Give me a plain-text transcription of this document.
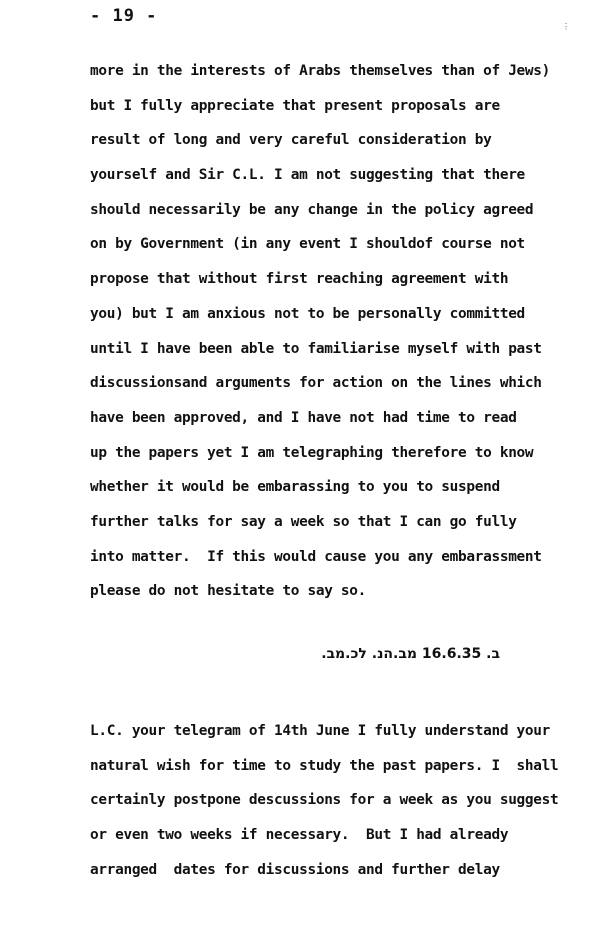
- 19 -
⋮
more in the interests of Arabs themselves than of Jews)
but I fully appreciate that present proposals are
result of long and very careful consideration by
yourself and Sir C.L. I am not suggesting that there
should necessarily be any change in the policy agreed
on by Government (in any event I shouldof course not
propose that without first reaching agreement with
you) but I am anxious not to be personally committed
until I have been able to familiarise myself with past
discussionsand arguments for action on the lines which
have been approved, and I have not had time to read
up the papers yet I am telegraphing therefore to know
whether it would be embarassing to you to suspend
further talks for say a week so that I can go fully
into matter.  If this would cause you any embarassment
please do not hesitate to say so.
ב. 16.6.35 מב.הנ. לכ.מב.
L.C. your telegram of 14th June I fully understand your
natural wish for time to study the past papers. I  shall
certainly postpone descussions for a week as you suggest
or even two weeks if necessary.  But I had already
arranged  dates for discussions and further delay
